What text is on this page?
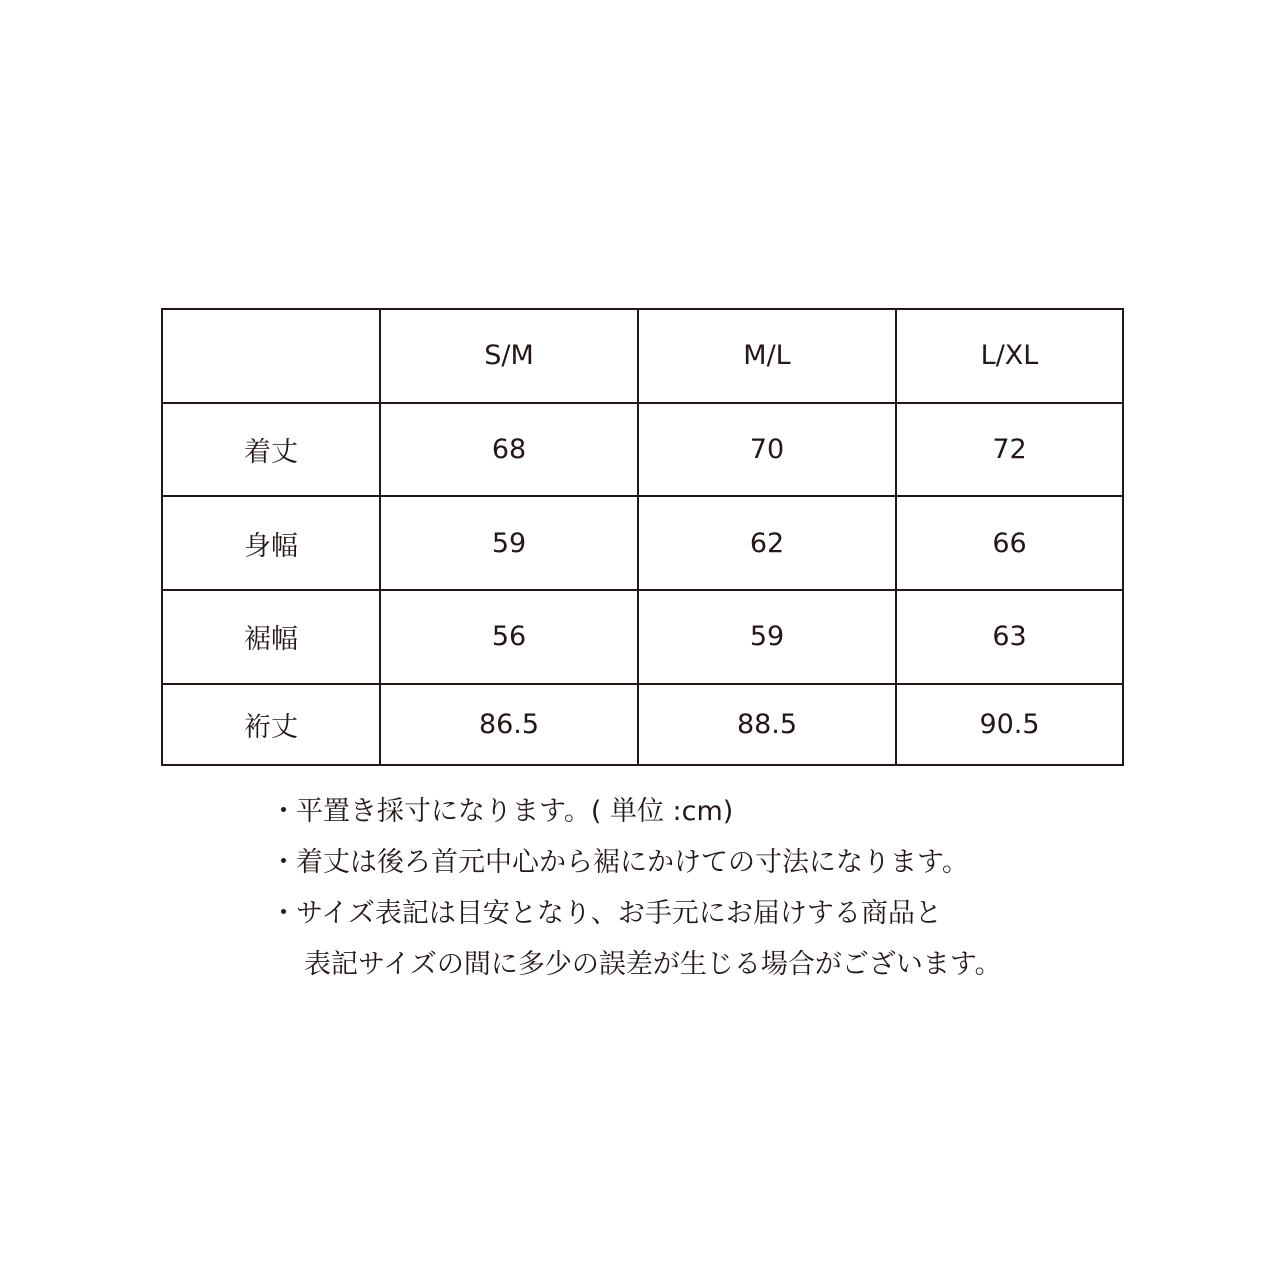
	S/M	M/L	L/XL
着丈	68	70	72
身幅	59	62	66
裾幅	56	59	63
裄丈	86.5	88.5	90.5
・ 平置き採寸になります。( 単位 :cm)
・ 着丈は後ろ首元中心から裾にかけての寸法になります。
・ サイズ表記は目安となり、お手元にお届けする商品と
表記サイズの間に多少の誤差が生じる場合がございます。
